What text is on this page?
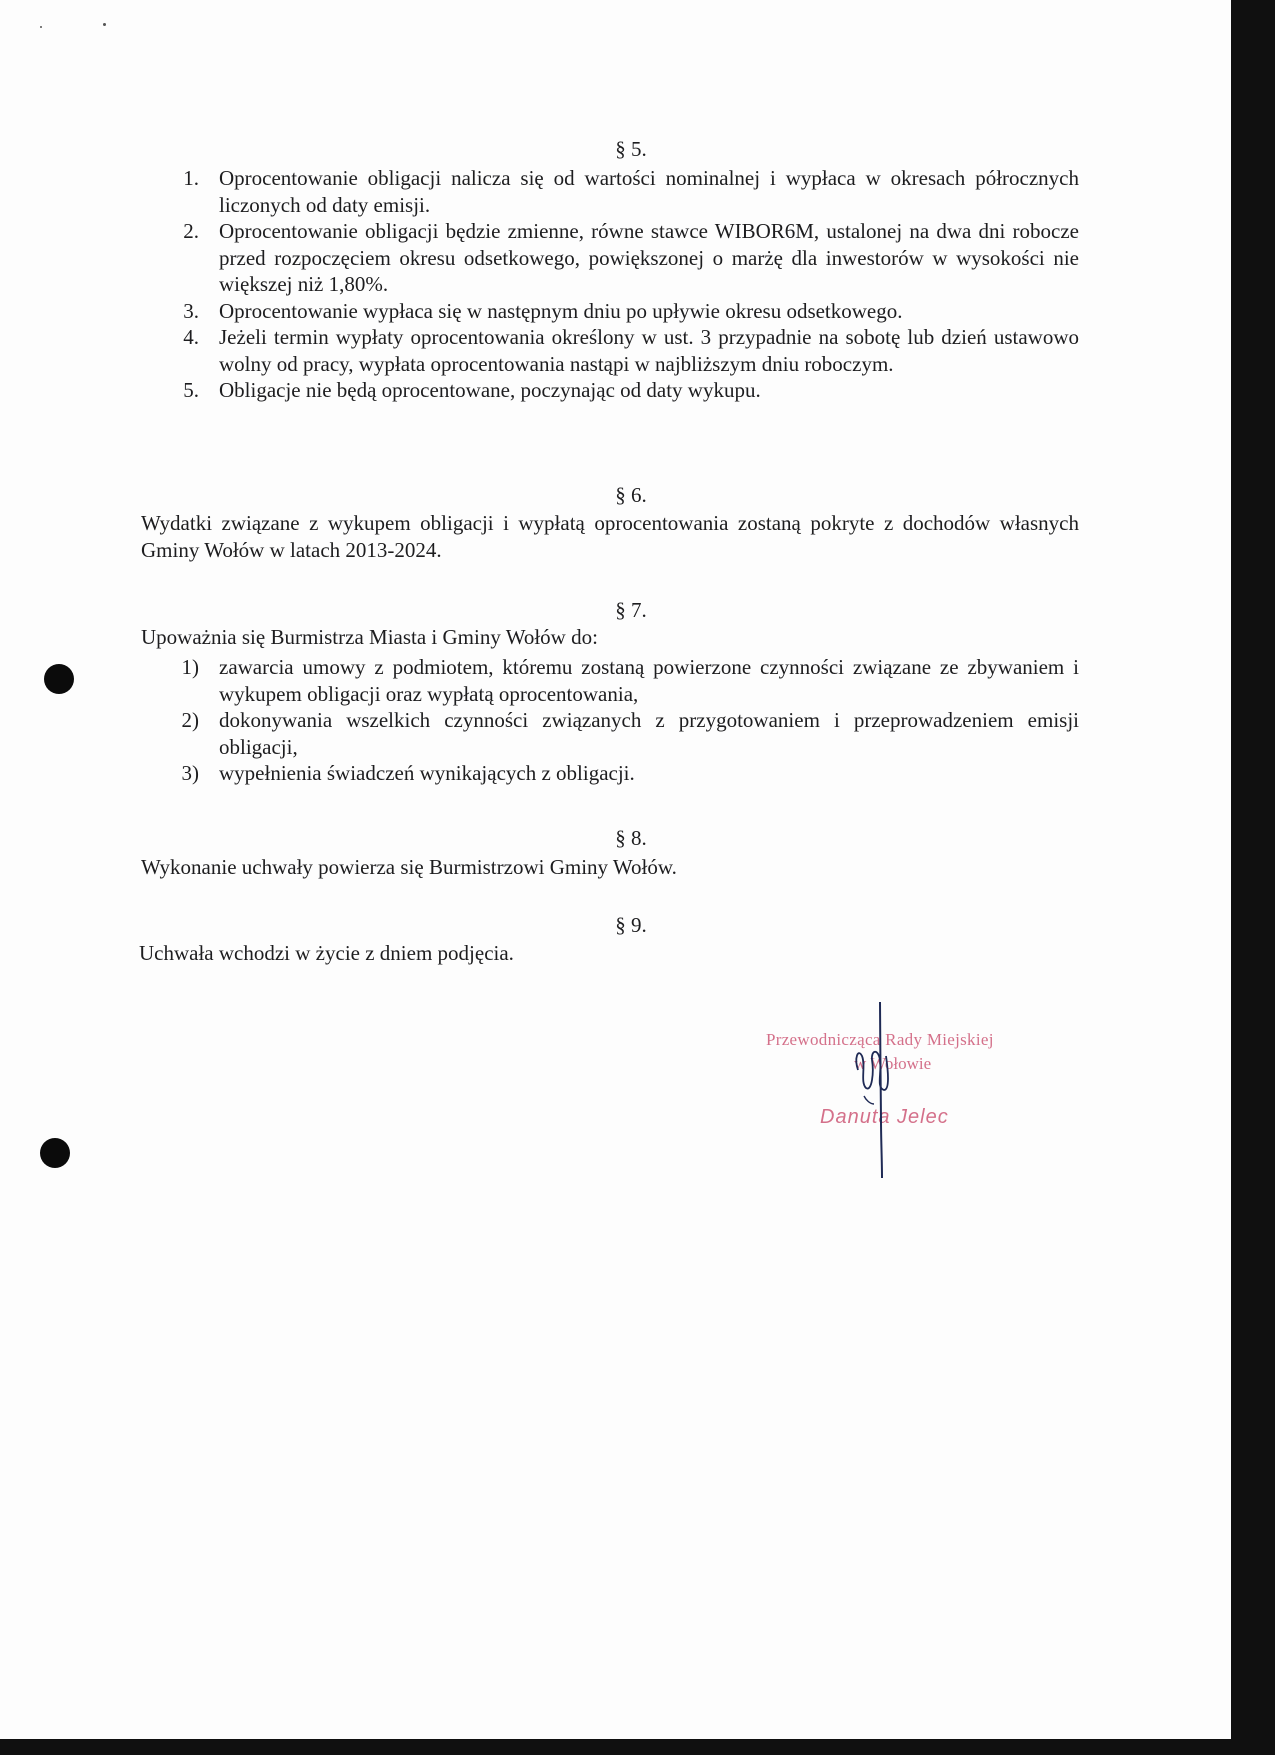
§ 5.
1. Oprocentowanie obligacji nalicza się od wartości nominalnej i wypłaca w okresach półrocznych liczonych od daty emisji.
2. Oprocentowanie obligacji będzie zmienne, równe stawce WIBOR6M, ustalonej na dwa dni robocze przed rozpoczęciem okresu odsetkowego, powiększonej o marżę dla inwestorów w wysokości nie większej niż 1,80%.
3. Oprocentowanie wypłaca się w następnym dniu po upływie okresu odsetkowego.
4. Jeżeli termin wypłaty oprocentowania określony w ust. 3 przypadnie na sobotę lub dzień ustawowo wolny od pracy, wypłata oprocentowania nastąpi w najbliższym dniu roboczym.
5. Obligacje nie będą oprocentowane, poczynając od daty wykupu.
§ 6.
Wydatki związane z wykupem obligacji i wypłatą oprocentowania zostaną pokryte z dochodów własnych Gminy Wołów w latach 2013-2024.
§ 7.
Upoważnia się Burmistrza Miasta i Gminy Wołów do:
1) zawarcia umowy z podmiotem, któremu zostaną powierzone czynności związane ze zbywaniem i wykupem obligacji oraz wypłatą oprocentowania,
2) dokonywania wszelkich czynności związanych z przygotowaniem i przeprowadzeniem emisji obligacji,
3) wypełnienia świadczeń wynikających z obligacji.
§ 8.
Wykonanie uchwały powierza się Burmistrzowi Gminy Wołów.
§ 9.
Uchwała wchodzi w życie z dniem podjęcia.
Przewodnicząca Rady Miejskiej
w Wołowie
Danuta Jelec
